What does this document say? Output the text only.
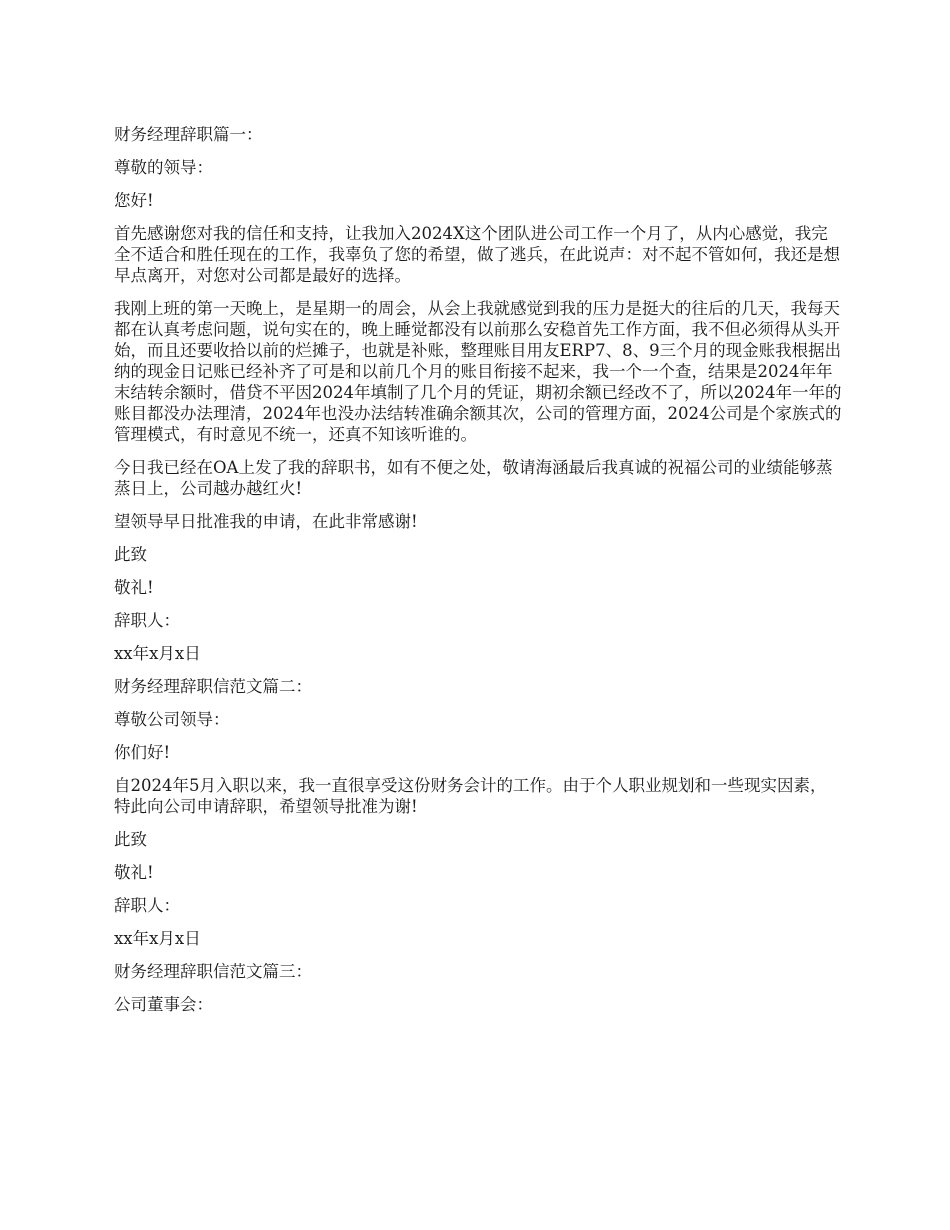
财务经理辞职篇一：

尊敬的领导：

您好!

首先感谢您对我的信任和支持，让我加入2024X这个团队进公司工作一个月了，从内心感觉，我完全不适合和胜任现在的工作，我辜负了您的希望，做了逃兵，在此说声：对不起不管如何，我还是想早点离开，对您对公司都是最好的选择。

我刚上班的第一天晚上，是星期一的周会，从会上我就感觉到我的压力是挺大的往后的几天，我每天都在认真考虑问题，说句实在的，晚上睡觉都没有以前那么安稳首先工作方面，我不但必须得从头开始，而且还要收拾以前的烂摊子，也就是补账，整理账目用友ERP7、8、9三个月的现金账我根据出纳的现金日记账已经补齐了可是和以前几个月的账目衔接不起来，我一个一个查，结果是2024年年末结转余额时，借贷不平因2024年填制了几个月的凭证，期初余额已经改不了，所以2024年一年的账目都没办法理清，2024年也没办法结转准确余额其次，公司的管理方面，2024公司是个家族式的管理模式，有时意见不统一，还真不知该听谁的。

今日我已经在OA上发了我的辞职书，如有不便之处，敬请海涵最后我真诚的祝福公司的业绩能够蒸蒸日上，公司越办越红火!

望领导早日批准我的申请，在此非常感谢!

此致

敬礼!

辞职人：

xx年x月x日

财务经理辞职信范文篇二：

尊敬公司领导：

你们好!

自2024年5月入职以来，我一直很享受这份财务会计的工作。由于个人职业规划和一些现实因素，特此向公司申请辞职，希望领导批准为谢!

此致

敬礼!

辞职人：

xx年x月x日

财务经理辞职信范文篇三：

公司董事会：
